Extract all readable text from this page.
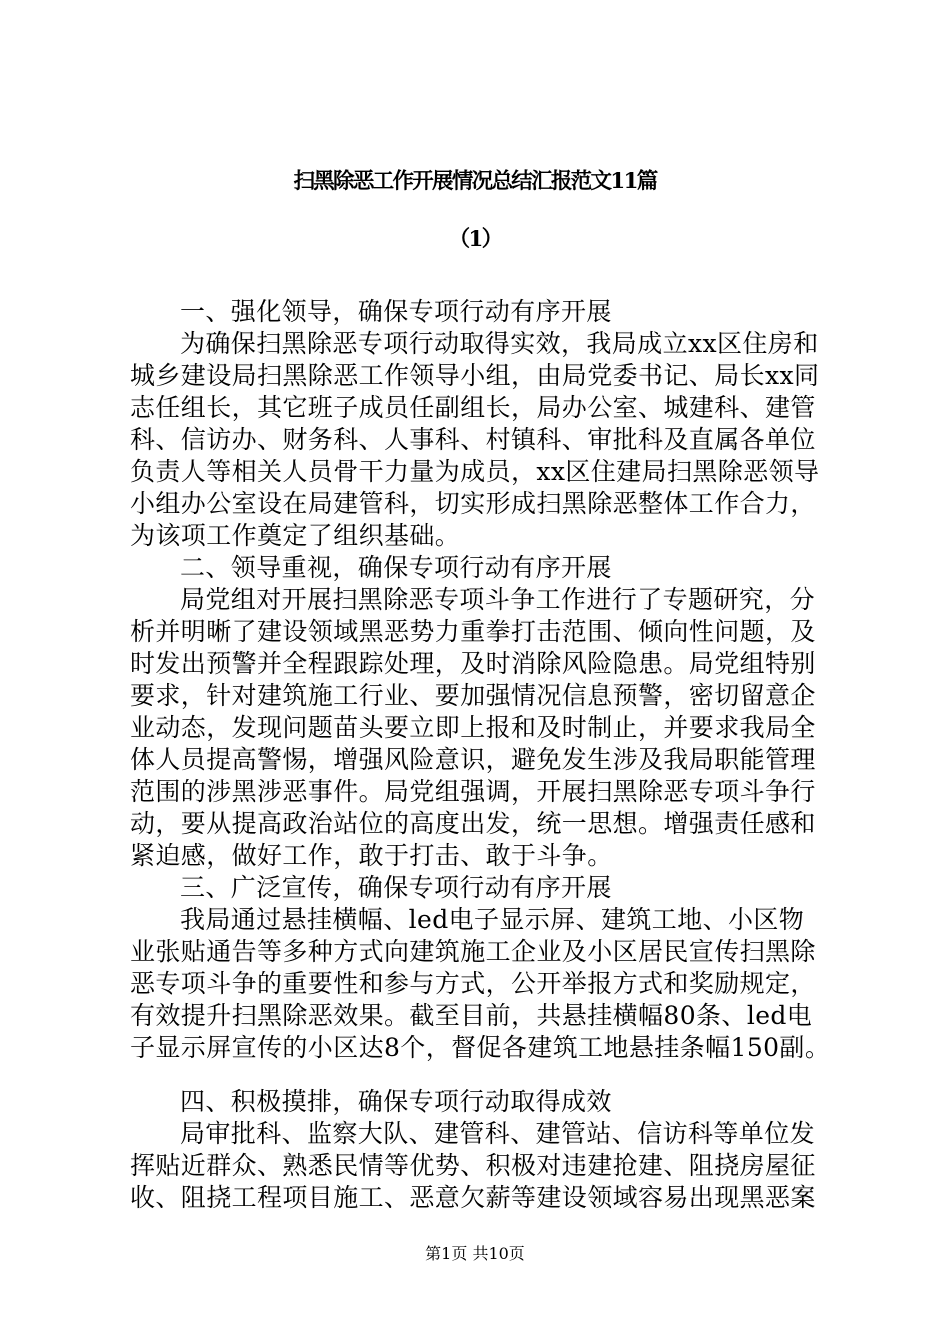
扫黑除恶工作开展情况总结汇报范文11篇
（1）
一、强化领导，确保专项行动有序开展
为确保扫黑除恶专项行动取得实效，我局成立xx区住房和
城乡建设局扫黑除恶工作领导小组，由局党委书记、局长xx同
志任组长，其它班子成员任副组长，局办公室、城建科、建管
科、信访办、财务科、人事科、村镇科、审批科及直属各单位
负责人等相关人员骨干力量为成员，xx区住建局扫黑除恶领导
小组办公室设在局建管科，切实形成扫黑除恶整体工作合力，
为该项工作奠定了组织基础。
二、领导重视，确保专项行动有序开展
局党组对开展扫黑除恶专项斗争工作进行了专题研究，分
析并明晰了建设领域黑恶势力重拳打击范围、倾向性问题，及
时发出预警并全程跟踪处理，及时消除风险隐患。局党组特别
要求，针对建筑施工行业、要加强情况信息预警，密切留意企
业动态，发现问题苗头要立即上报和及时制止，并要求我局全
体人员提高警惕，增强风险意识，避免发生涉及我局职能管理
范围的涉黑涉恶事件。局党组强调，开展扫黑除恶专项斗争行
动，要从提高政治站位的高度出发，统一思想。增强责任感和
紧迫感，做好工作，敢于打击、敢于斗争。
三、广泛宣传，确保专项行动有序开展
我局通过悬挂横幅、led电子显示屏、建筑工地、小区物
业张贴通告等多种方式向建筑施工企业及小区居民宣传扫黑除
恶专项斗争的重要性和参与方式，公开举报方式和奖励规定，
有效提升扫黑除恶效果。截至目前，共悬挂横幅80条、led电
子显示屏宣传的小区达8个，督促各建筑工地悬挂条幅150副。
四、积极摸排，确保专项行动取得成效
局审批科、监察大队、建管科、建管站、信访科等单位发
挥贴近群众、熟悉民情等优势、积极对违建抢建、阻挠房屋征
收、阻挠工程项目施工、恶意欠薪等建设领域容易出现黑恶案
第1页 共10页
